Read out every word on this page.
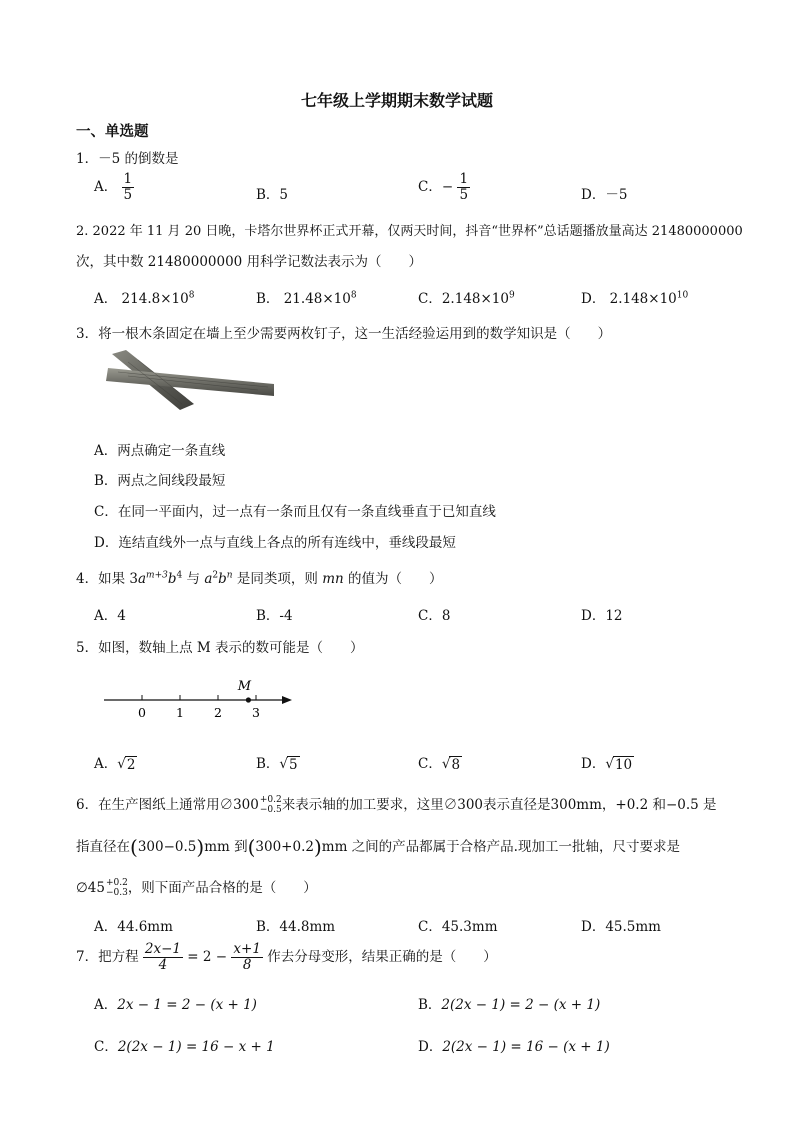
七年级上学期期末数学试题
一、单选题
1．－5 的倒数是
A． $\frac{1}{5}$	B．5
C．− $\frac{1}{5}$	D．－5
2. 2022 年 11 月 20 日晚，卡塔尔世界杯正式开幕，仅两天时间，抖音“世界杯”总话题播放量高达 21480000000
次，其中数 21480000000 用科学记数法表示为（　　）
A． $214.8\times 10^8$	B． $21.48\times 10^8$	C．$2.148\times 10^9$	D． $2.148\times 10^{10}$
3．将一根木条固定在墙上至少需要两枚钉子，这一生活经验运用到的数学知识是（　　）
A．两点确定一条直线
B．两点之间线段最短
C．在同一平面内，过一点有一条而且仅有一条直线垂直于已知直线
D．连结直线外一点与直线上各点的所有连线中，垂线段最短
4．如果 $3a^{m+3}b^4$ 与 $a^2b^n$ 是同类项，则 mn 的值为（　　）
A．4	B．-4	C．8	D．12
5．如图，数轴上点 M 表示的数可能是（　　）
0 1 2 3
M
A． √ 2	B． √ 5	C． √ 8	D． √ 10
6．在生产图纸上通常用∅300 +0.2
−0.5 来表示轴的加工要求，这里∅300表示直径是300mm，+0.2 和−0.5 是
指直径在(300−0.5)mm 到(300+0.2)mm 之间的产品都属于合格产品.现加工一批轴，尺寸要求是
∅45 +0.2
−0.3 ，则下面产品合格的是（　　）
A．44.6mm	B．44.8mm	C．45.3mm	D．45.5mm
7．把方程 $\frac{2x-1}{4} = 2 - \frac{x+1}{8}$ 作去分母变形，结果正确的是（　　）
A．2x − 1 = 2 − (x + 1)	B．2(2x − 1) = 2 − (x + 1)
C．2(2x − 1) = 16 − x + 1	D．2(2x − 1) = 16 − (x + 1)
